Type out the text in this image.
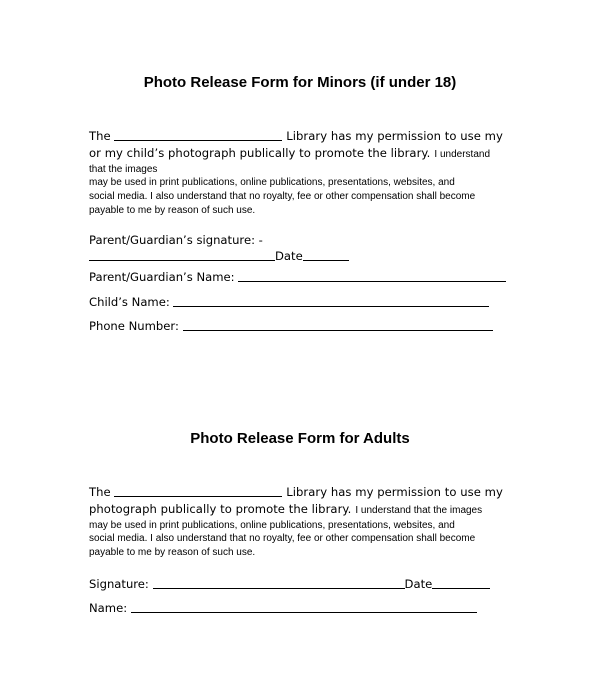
Photo Release Form for Minors (if under 18)
The	Library has my permission to use my
or my child’s photograph publically to promote the library. I understand
that the images
may be used in print publications, online publications, presentations, websites, and
social media. I also understand that no royalty, fee or other compensation shall become
payable to me by reason of such use.
Parent/Guardian’s signature: -
Date
Parent/Guardian’s Name:
Child’s Name:
Phone Number:
Photo Release Form for Adults
The	Library has my permission to use my
photograph publically to promote the library. I understand that the images
may be used in print publications, online publications, presentations, websites, and
social media. I also understand that no royalty, fee or other compensation shall become
payable to me by reason of such use.
Signature:	Date
Name:
